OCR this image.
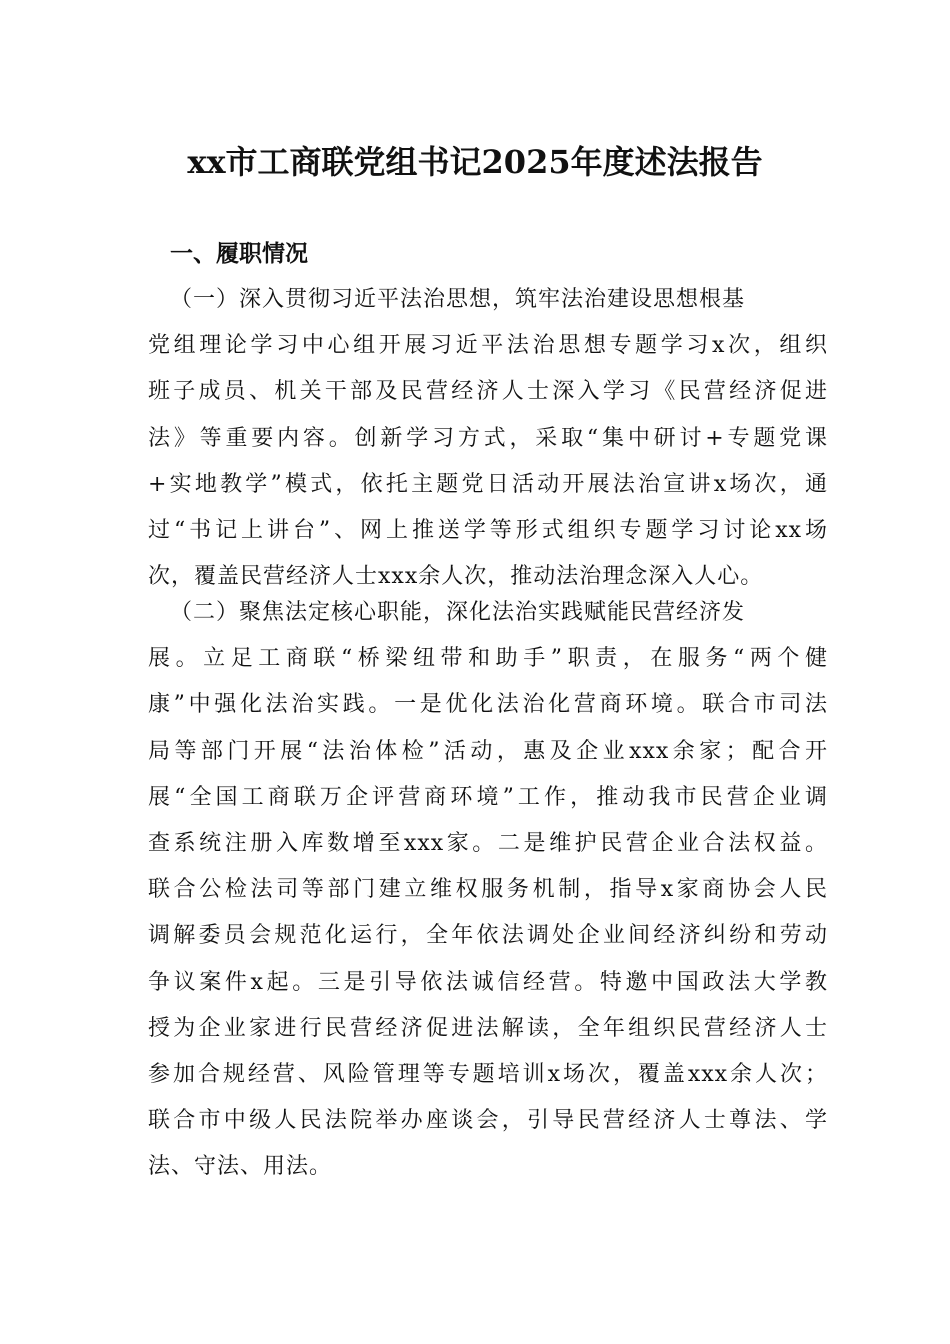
xx市工商联党组书记2025年度述法报告
一、履职情况
（一）深入贯彻习近平法治思想，筑牢法治建设思想根基
党组理论学习中心组开展习近平法治思想专题学习x次，组织
班子成员、机关干部及民营经济人士深入学习《民营经济促进
法》等重要内容。创新学习方式，采取“集中研讨+专题党课
+实地教学”模式，依托主题党日活动开展法治宣讲x场次，通
过“书记上讲台”、网上推送学等形式组织专题学习讨论xx场
次，覆盖民营经济人士xxx余人次，推动法治理念深入人心。
（二）聚焦法定核心职能，深化法治实践赋能民营经济发
展。立足工商联“桥梁纽带和助手”职责，在服务“两个健
康”中强化法治实践。一是优化法治化营商环境。联合市司法
局等部门开展“法治体检”活动，惠及企业xxx余家；配合开
展“全国工商联万企评营商环境”工作，推动我市民营企业调
查系统注册入库数增至xxx家。二是维护民营企业合法权益。
联合公检法司等部门建立维权服务机制，指导x家商协会人民
调解委员会规范化运行，全年依法调处企业间经济纠纷和劳动
争议案件x起。三是引导依法诚信经营。特邀中国政法大学教
授为企业家进行民营经济促进法解读，全年组织民营经济人士
参加合规经营、风险管理等专题培训x场次，覆盖xxx余人次；
联合市中级人民法院举办座谈会，引导民营经济人士尊法、学
法、守法、用法。
